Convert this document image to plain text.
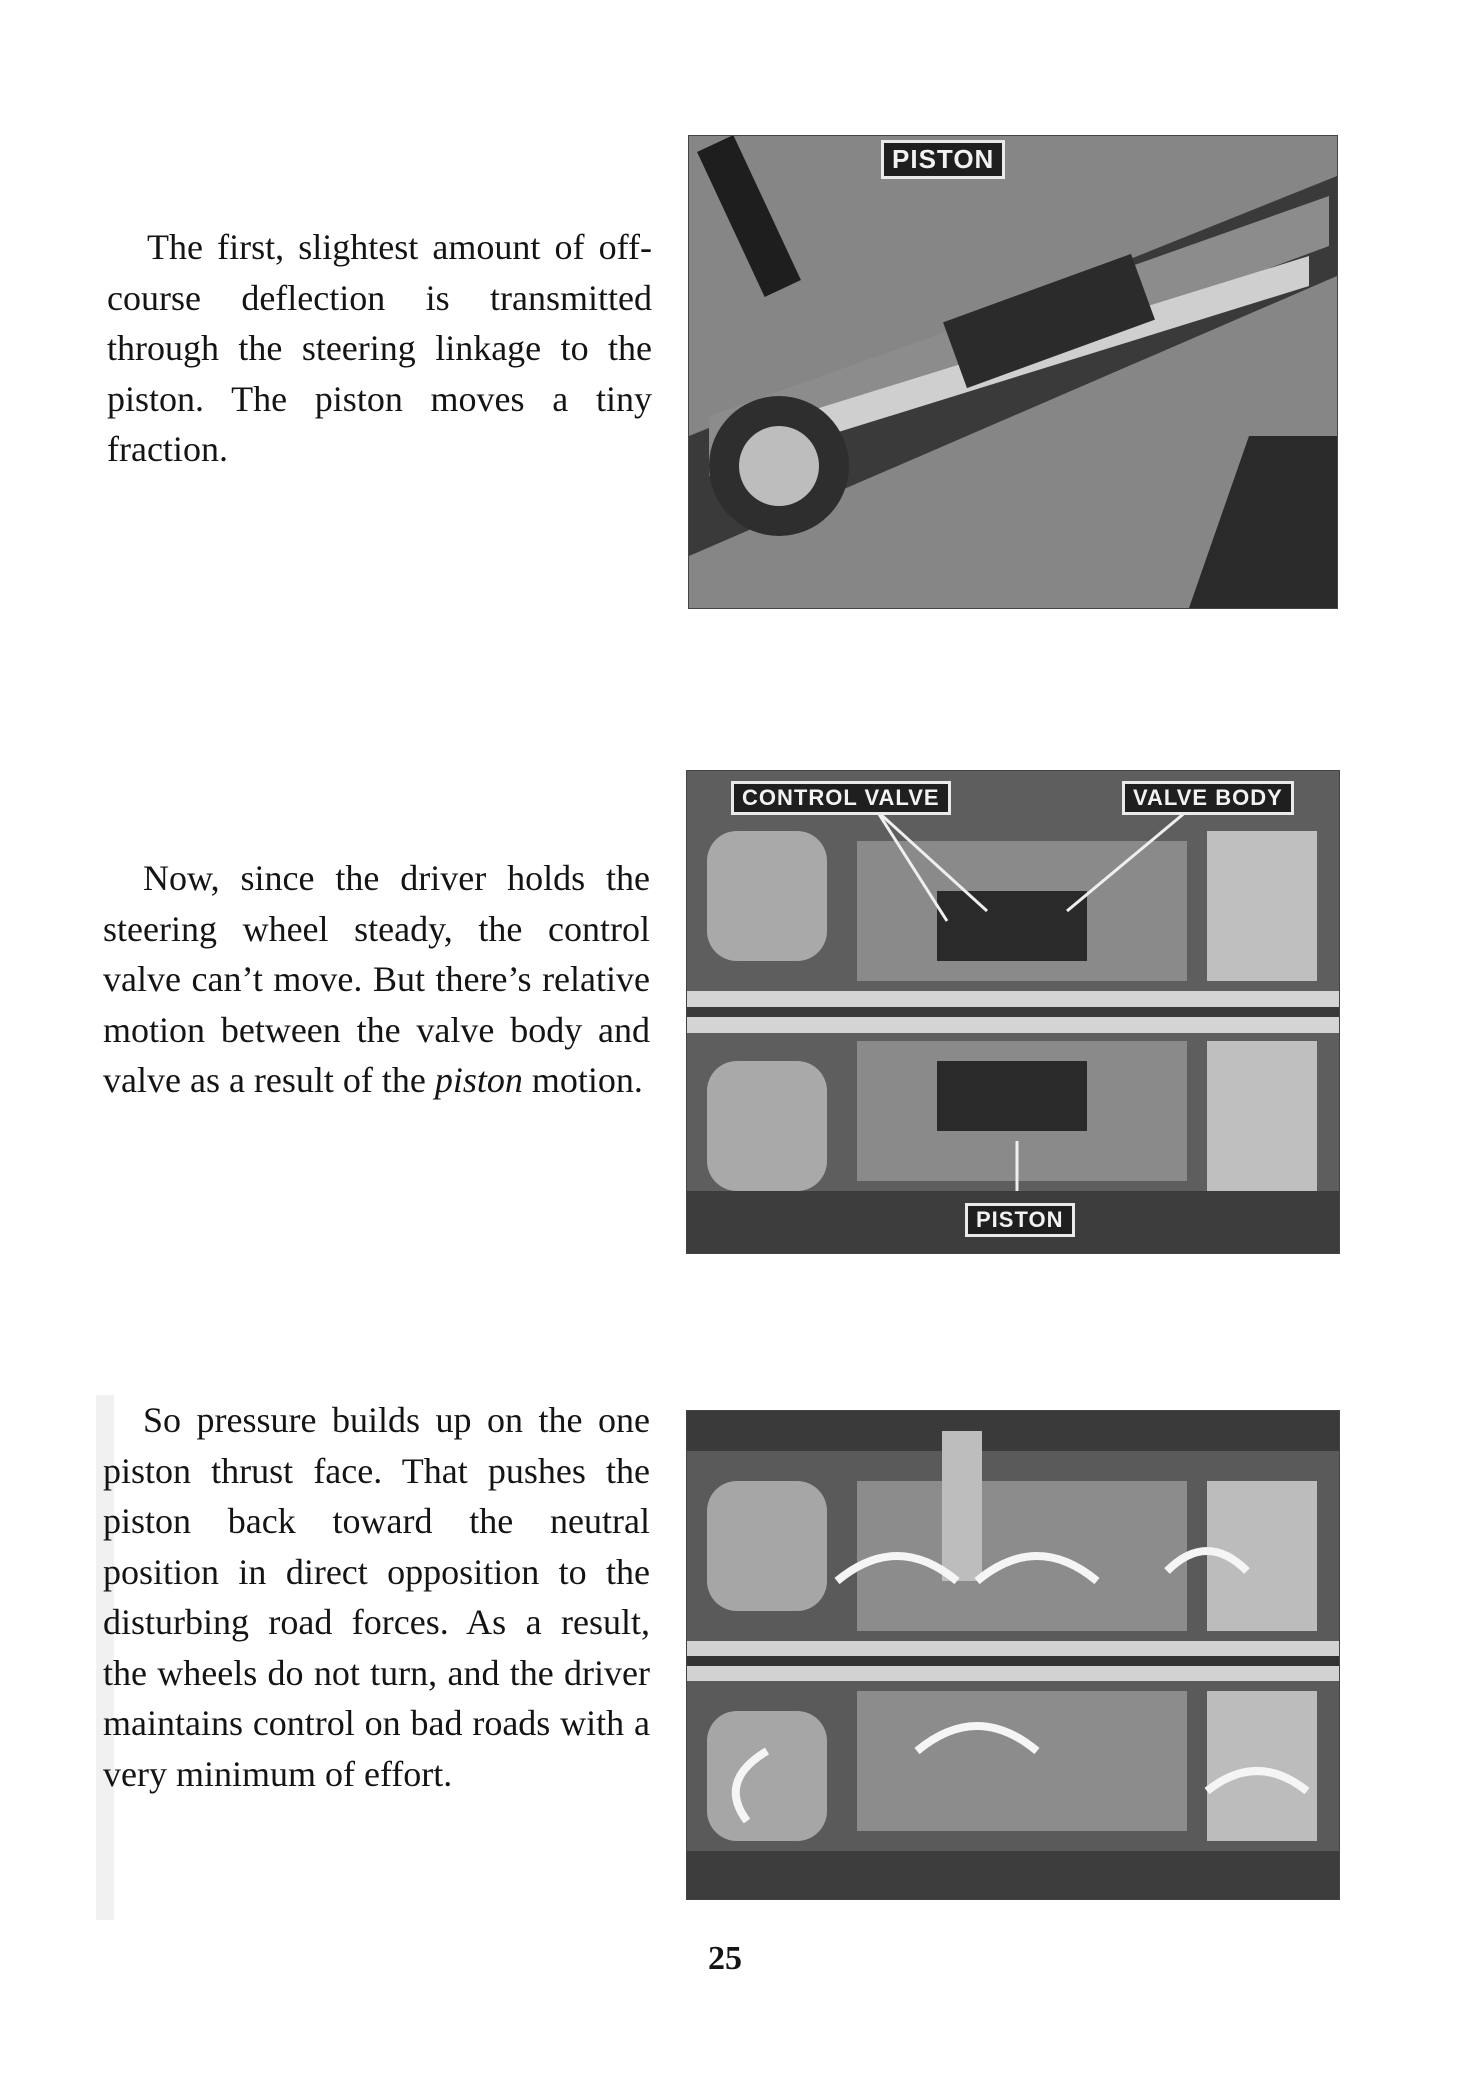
The first, slightest amount of off-course deflection is transmitted through the steering linkage to the piston. The piston moves a tiny fraction.

PISTON

Now, since the driver holds the steering wheel steady, the control valve can’t move. But there’s relative motion between the valve body and valve as a result of the piston motion.

CONTROL VALVE	VALVE BODY
PISTON

So pressure builds up on the one piston thrust face. That pushes the piston back toward the neutral position in direct opposition to the disturbing road forces. As a result, the wheels do not turn, and the driver maintains control on bad roads with a very minimum of effort.

25
